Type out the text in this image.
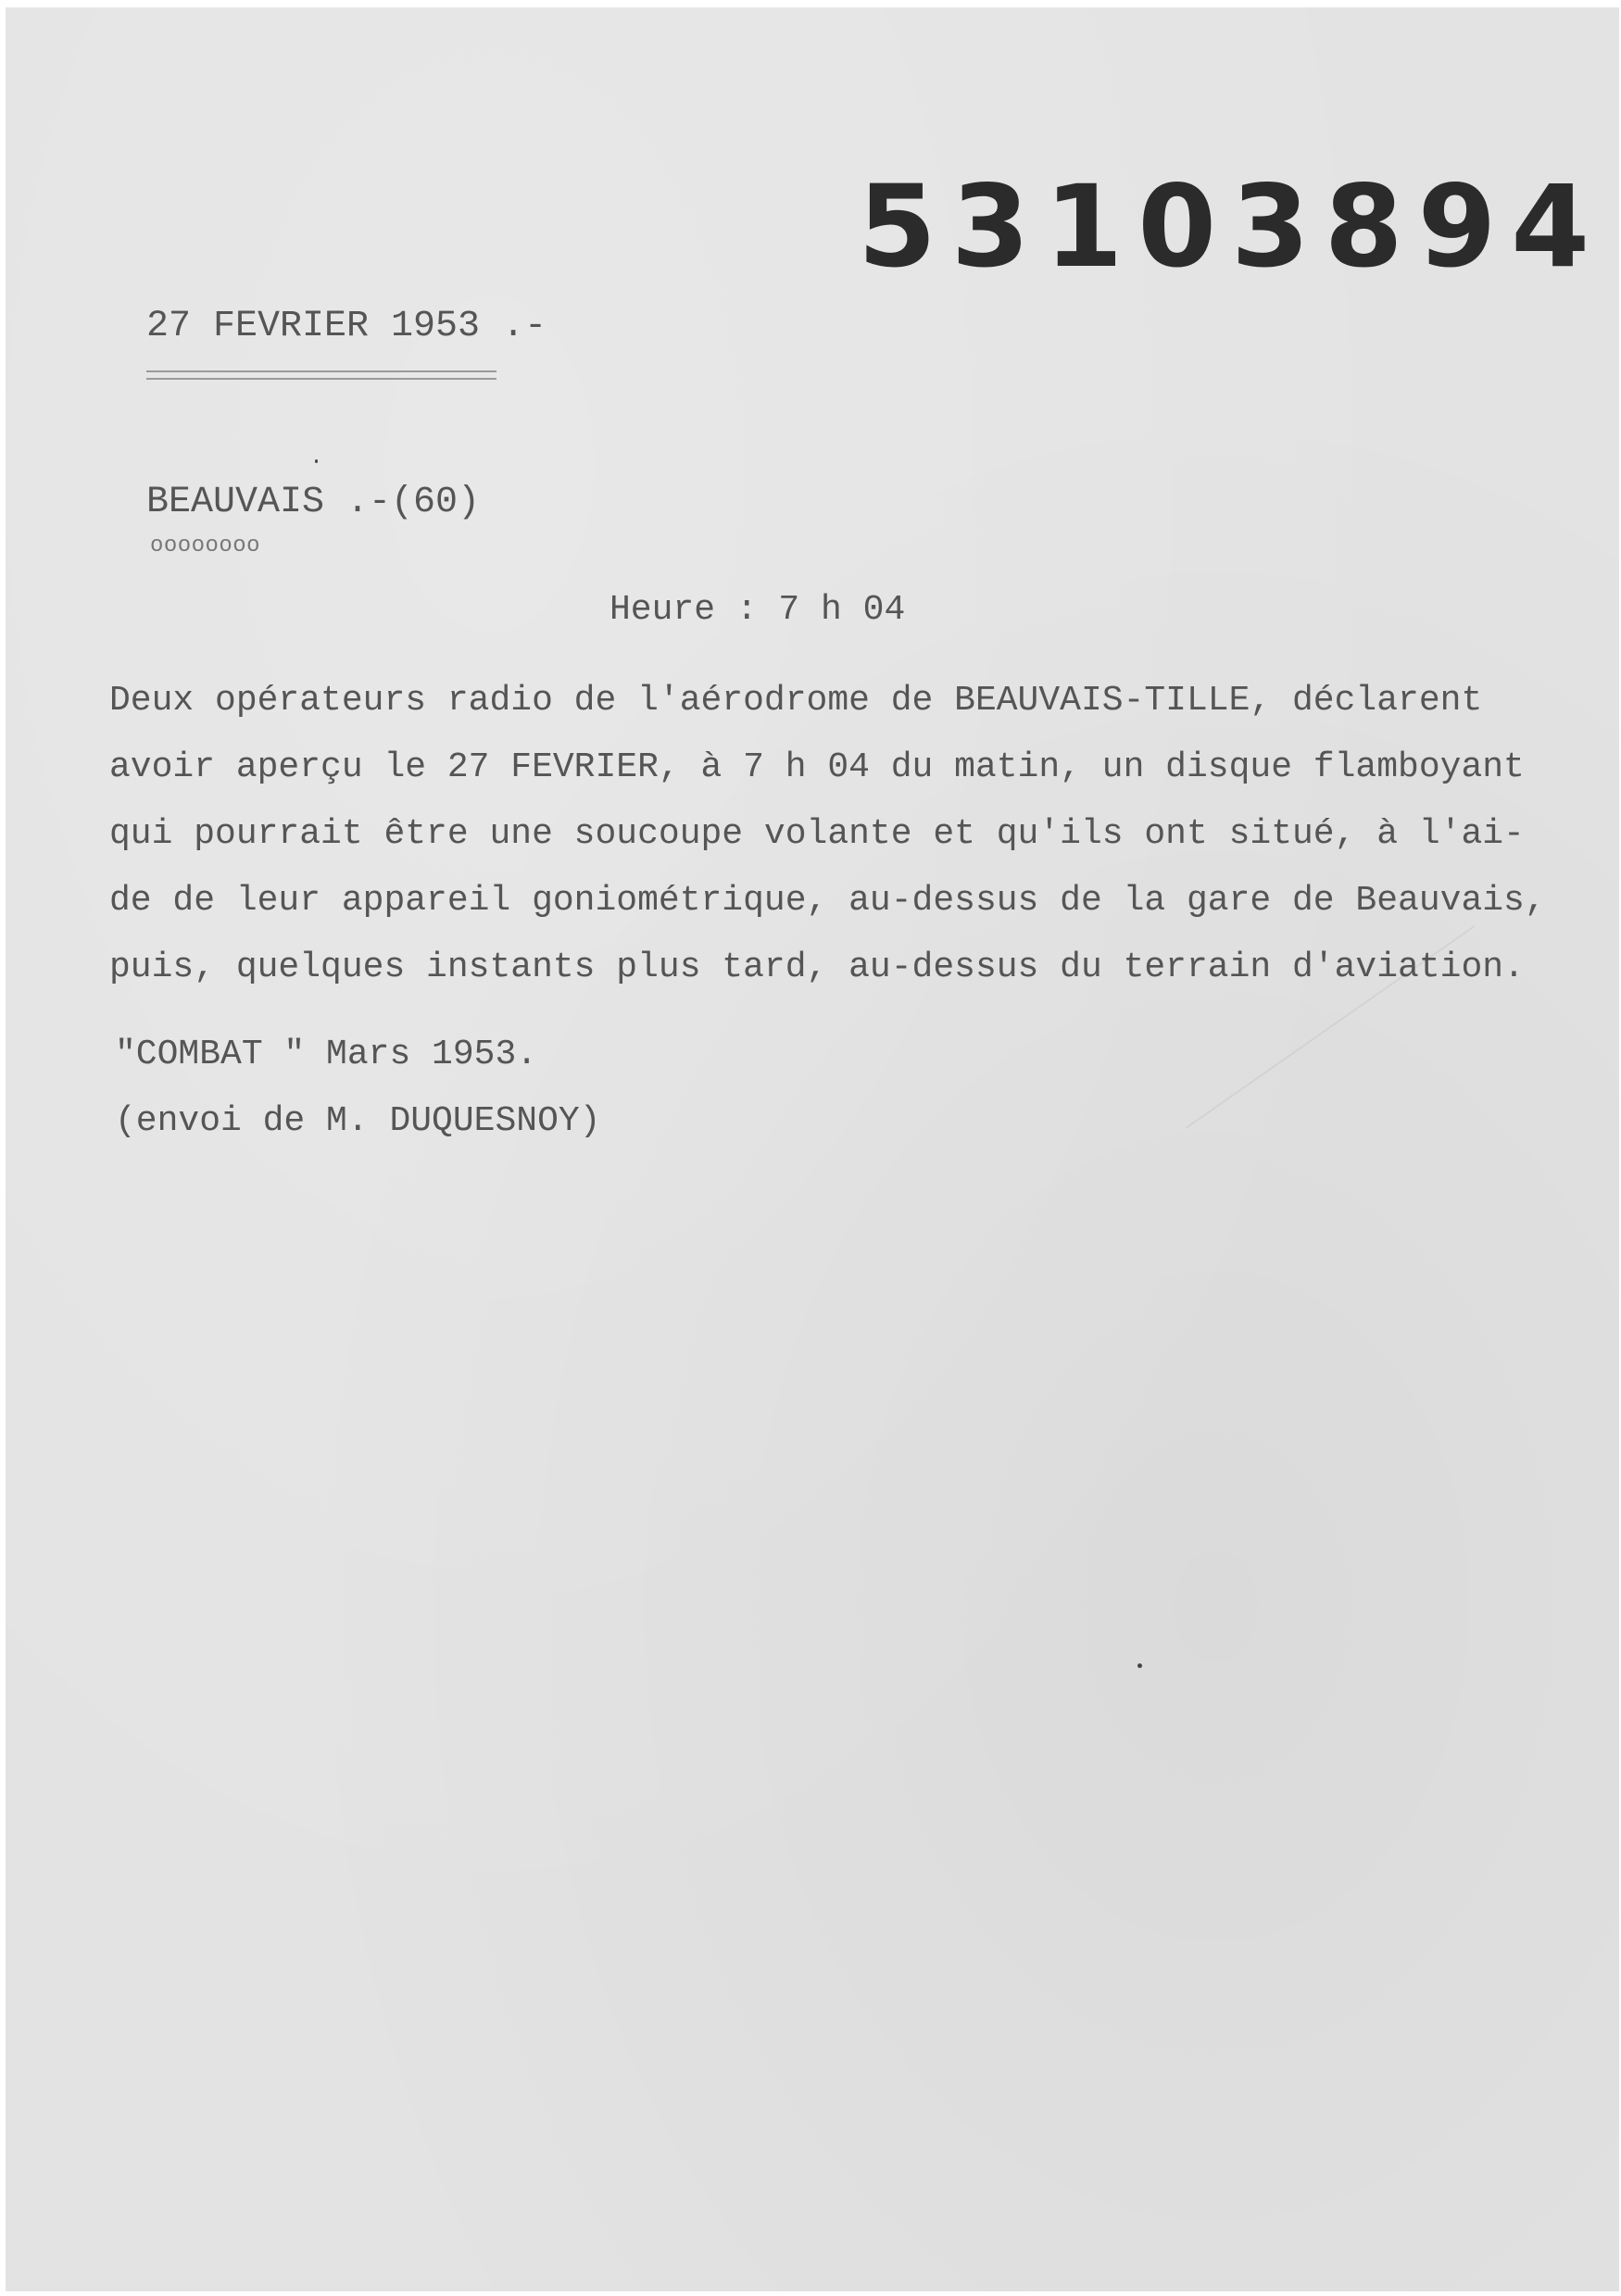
53103894
27 FEVRIER 1953 .-
BEAUVAIS .-(60)
oooooooo
Heure : 7 h 04
Deux opérateurs radio de l'aérodrome de BEAUVAIS-TILLE, déclarent
avoir aperçu le 27 FEVRIER, à 7 h 04 du matin, un disque flamboyant
qui pourrait être une soucoupe volante et qu'ils ont situé, à l'ai-
de de leur appareil goniométrique, au-dessus de la gare de Beauvais,
puis, quelques instants plus tard, au-dessus du terrain d'aviation.
"COMBAT " Mars 1953.
(envoi de M. DUQUESNOY)
